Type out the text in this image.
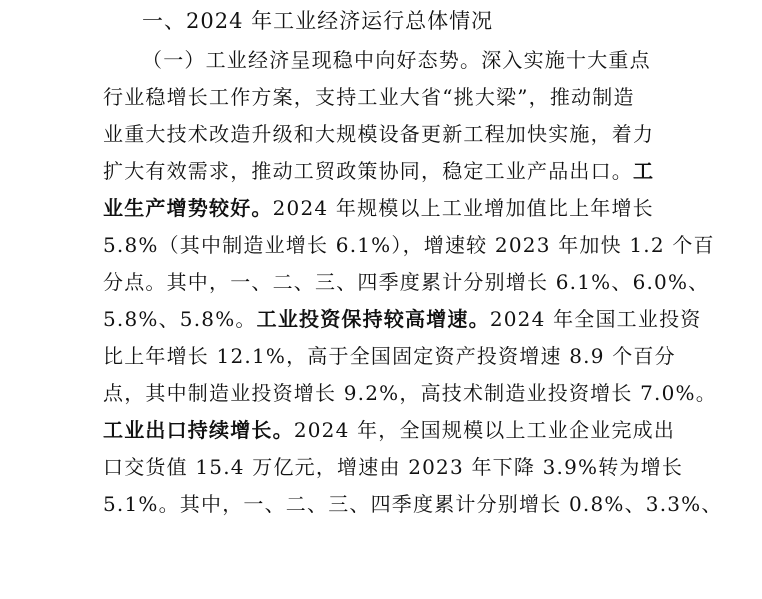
一、2024 年工业经济运行总体情况
（一）工业经济呈现稳中向好态势。深入实施十大重点
行业稳增长工作方案，支持工业大省“挑大梁”，推动制造
业重大技术改造升级和大规模设备更新工程加快实施，着力
扩大有效需求，推动工贸政策协同，稳定工业产品出口。工
业生产增势较好。2024 年规模以上工业增加值比上年增长
5.8%（其中制造业增长 6.1%），增速较 2023 年加快 1.2 个百
分点。其中，一、二、三、四季度累计分别增长 6.1%、6.0%、
5.8%、5.8%。工业投资保持较高增速。2024 年全国工业投资
比上年增长 12.1%，高于全国固定资产投资增速 8.9 个百分
点，其中制造业投资增长 9.2%，高技术制造业投资增长 7.0%。
工业出口持续增长。2024 年，全国规模以上工业企业完成出
口交货值 15.4 万亿元，增速由 2023 年下降 3.9%转为增长
5.1%。其中，一、二、三、四季度累计分别增长 0.8%、3.3%、
